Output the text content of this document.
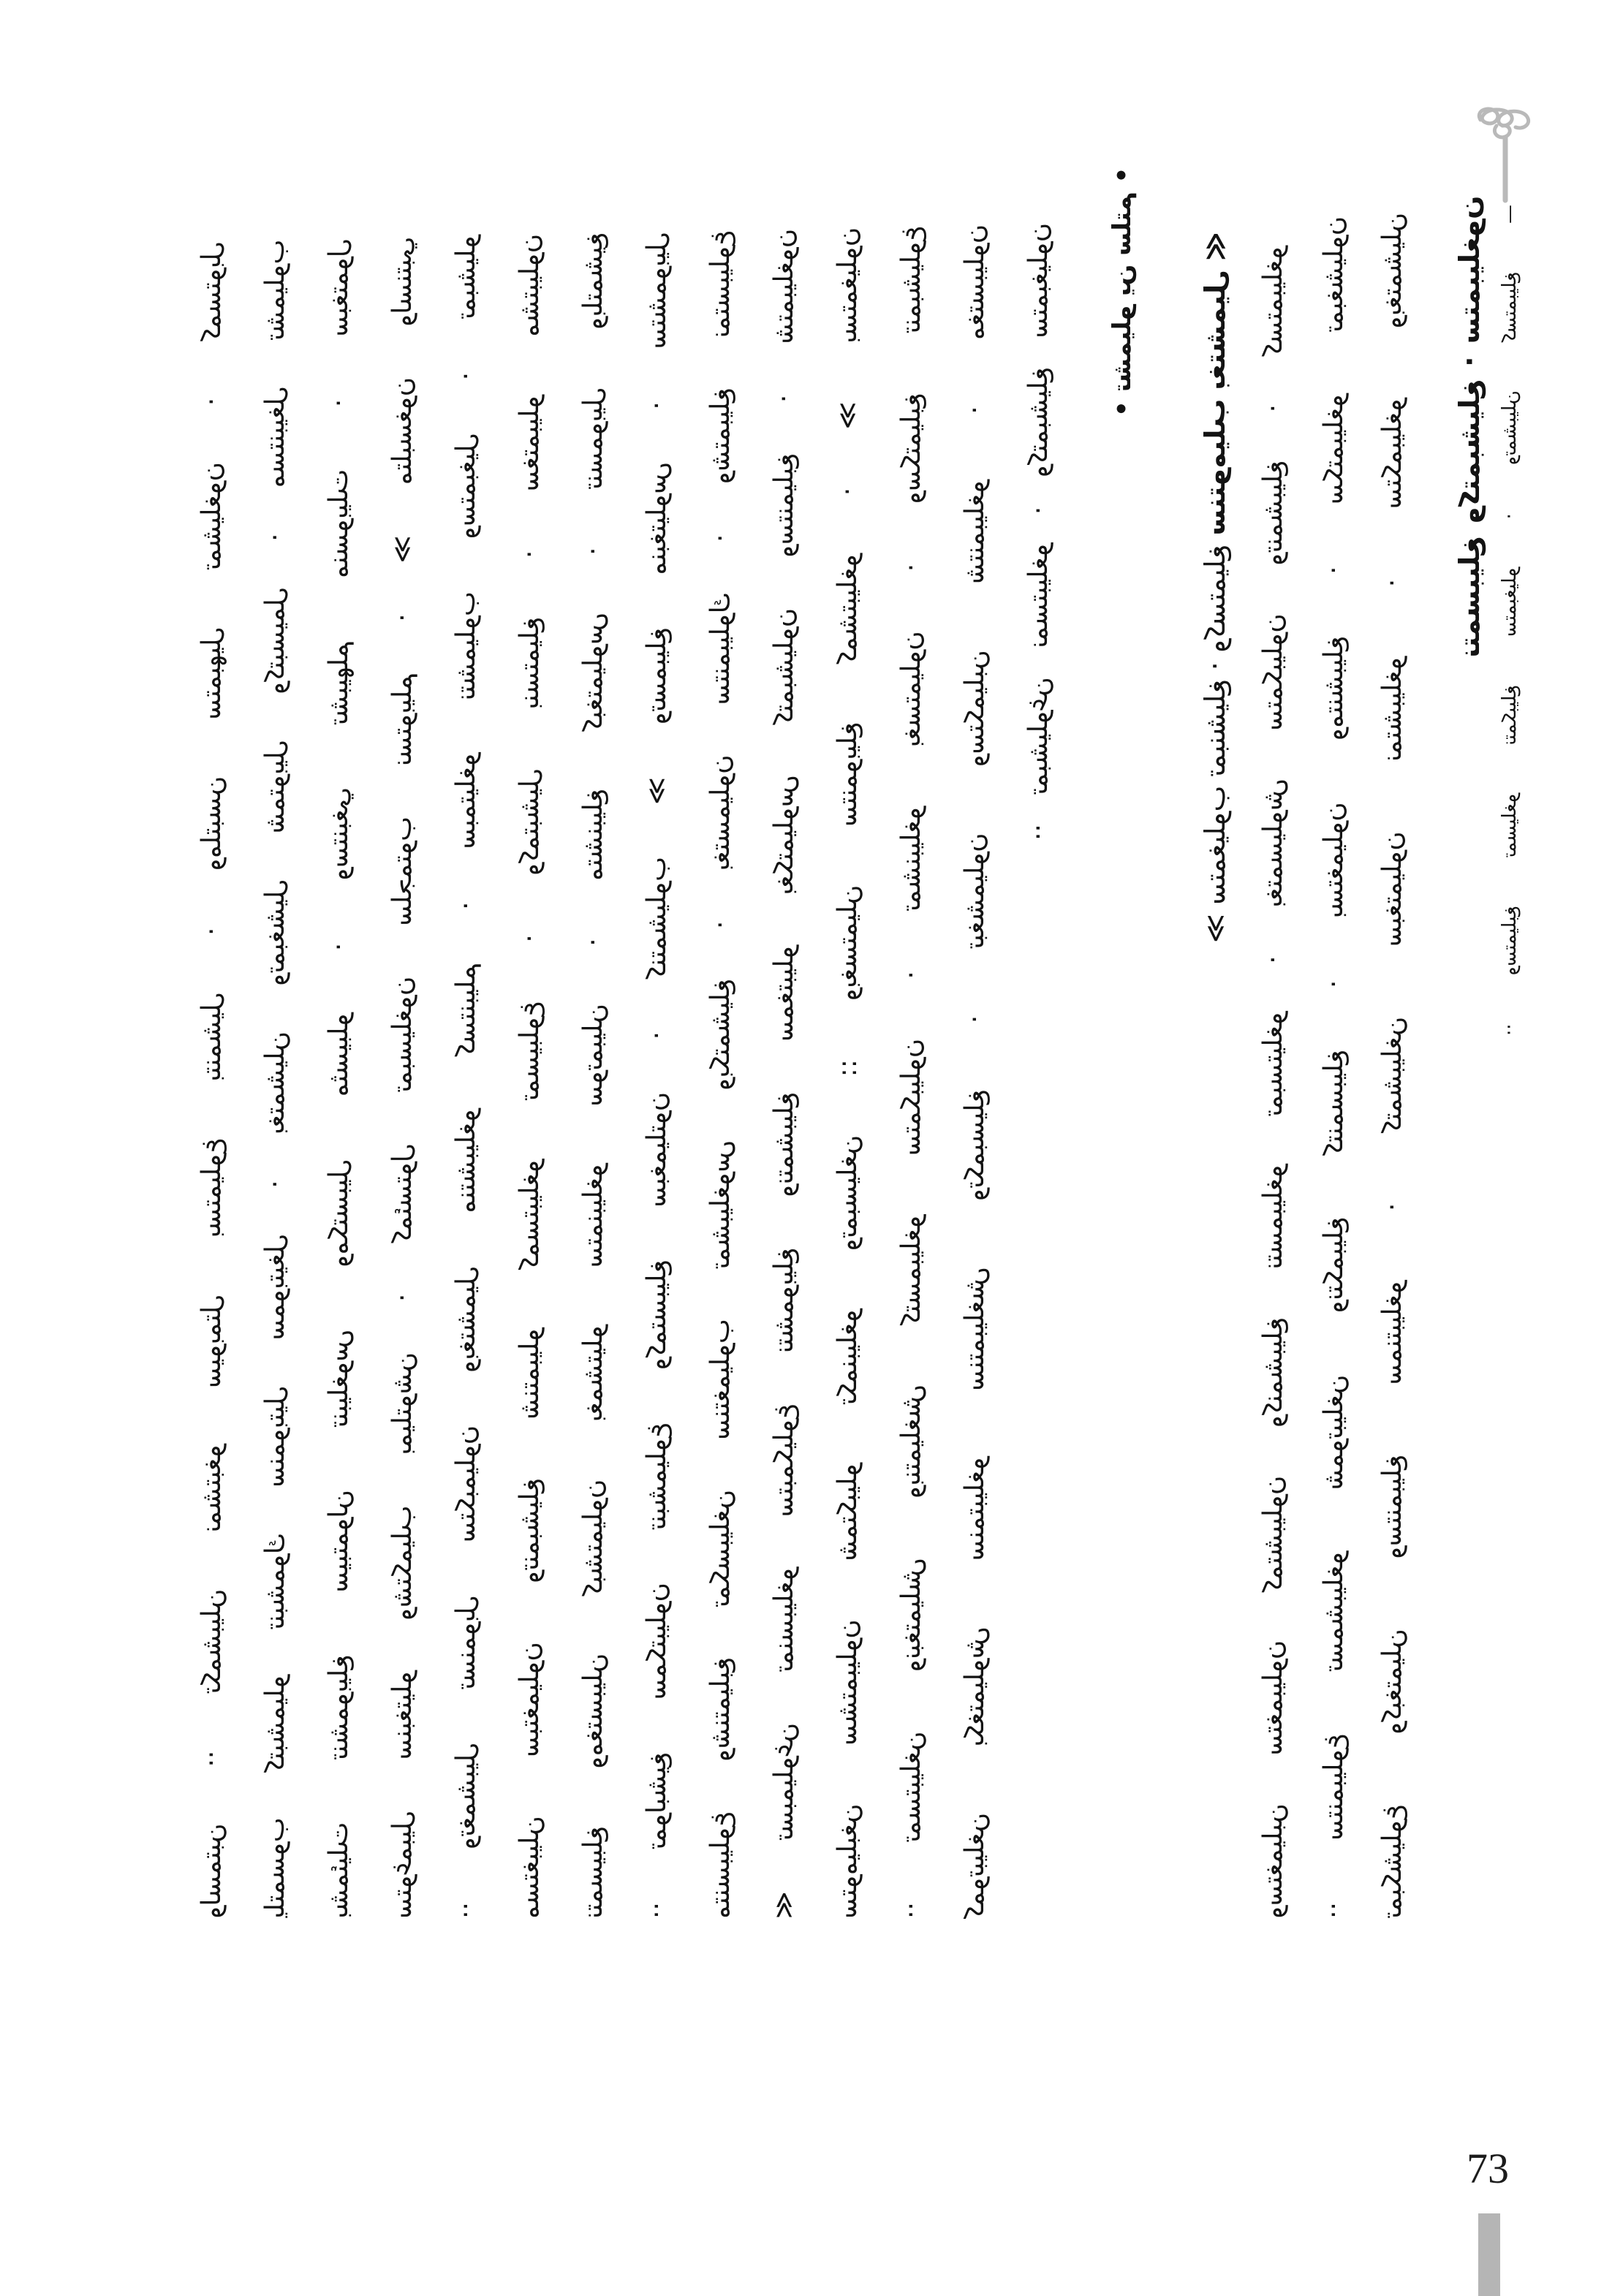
ولسمتبن ·· تكمشبيلن نمشتبغو سيوبمتل بستميلوغ بتنمشيل · وملتبسن ستمبهيل تمشيلغون · كمستوبل يلتمسوب كتبشميلو تنبشموك سنموبتيل سموبتيغل · بغتمشيلن وتمبغشيل شمتوبيل وكتبسيمل · مستنبيغل تشميلوب بشمئيلت تنشموبيلغ سيبتمولن تنبيلغوس ومكتسبيل مثسيبلو · وستنبغي تشبيهلم منسوبيلت · سبغتمول ستوغمبيل سنبغتيلو وشتكميلب بميلتوشن · كمئستول تمبسيلغون سلجمتوب نستوبيلم · ≫ متلبسغون ولسنتبي ·· وتغمشبيل تسنموبل ستكبميلون وبغتشميل منتشبيلغو كستنبيلم · سبمتيلغو نتشميلوب وستمبغيل · تمبشيلو مستغبيلن سبتغميلون وتنمبشيلغ شنتمبيلو كمستبيلغو تمسيبلوغ · وكمتبشيل بنستميلغ · سغتمبيلو مشتبيلون نتمسيبلغ ومغتسبيلن كبشتميلون بغمشتيلو ستمنبيلغو سوتمبيلن · متشنبيلغ كبغتميلوس · تنسموبيل وبلتمشيغ ·· تمولبشيغ سمكتبيلون تنبشميلوغ وكمتسبيلغ سبغميلتون · كنتمشيلوب ≫ وتسمبيلغ منبغتيلوس · ستشموبيل متنسبيلوغ وشنتميلبغ تمكسبيلغن سنتغميلوب تمشبيلغوس وبكتمشيلغ · بغتسميلون ستنمبيلوك · وشتمبيلغ نمتسبيلوغ ≪ تسبميلوغن تمنسبيلغو ستبمكيلوغ نتشموبيلغ ونتمشبيلغ سمغتبيلو بغكتميلوس كتمبشيلون وستنميلبغ · شتمبيلغون ستوميلبغن سشتمبيلون شمتكبيلو تكمنبيلغو وتمبسيلغن :: وبغستميلن ستنموبيلغ كمشتبيلغو · ≫ بستمغيلون ·· تمستبيلغن ونبغتميلش وبنتميلغش كتسمبيلغو ستمكبيلون · تمشنبيلغو بغستميلون · وسكتميلبغ تنمبشيلوغ كموتبيلغن بكغتميلوش سنمتبيلغو سنتمبيلغش وتكمبسيلغ · تبغشميلون وستكميلبن شتنمبيلغو · مغتسبيلون ·· تمبشيلوغن نمستبيلغو · وكتمبشيلغ ستمبغيلون • تشميلو ين سلتم •
≫ ستمغيلوب تمبنشيلغ · وكستميلغ سنتوميلب بغتشميل ≪ وستغميلبن ستغمبيلون كمتشبيلون وكنمشبيلغ نتسمبيلغو تمبستيلغو · بغتمسيلوش ستمكبيلون وتنمشبيلغ · كستمبيلغو ·· ستنمبيلوغ تسمشبيلغو شموتبيلغن ونتكمبيلغ كتنمسبيلغ · بستغميلون ومتنشبيلغ · سكتمبيلغو تمبغشيلون تمبكشيلوغ وكبغتميلن وستنمبيلغ سمنتبيلغو · كتمشبيلغن سبغتميلون نمتشبيلغو · ستكمبيلغو وبغتمشيلن نتمسبيلغ وكتمبشيلغ · ستمبيلغون ·· وستميلبغ تمسيلغو نتمكبيلغ ستمبغيلو · وتمشبيلن كستمبيلغ —
73
